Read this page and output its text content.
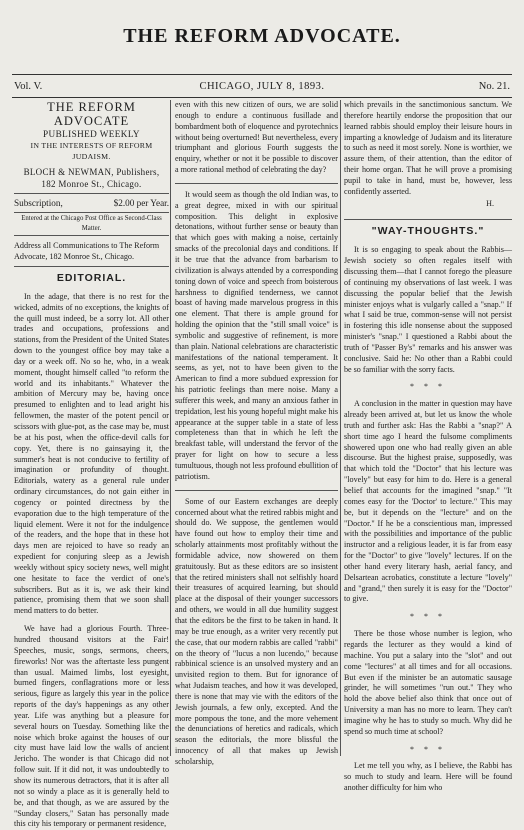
THE REFORM ADVOCATE.
Vol. V.	CHICAGO, JULY 8, 1893.	No. 21.
THE REFORM ADVOCATE
PUBLISHED WEEKLY
IN THE INTERESTS OF REFORM JUDAISM.
BLOCH & NEWMAN, Publishers,
182 Monroe St., Chicago.
Subscription,	$2.00 per Year.
Entered at the Chicago Post Office as Second-Class Matter.
Address all Communications to The Reform Advocate, 182 Monroe St., Chicago.
EDITORIAL.

In the adage, that there is no rest for the wicked, admits of no exceptions, the knights of the quill must indeed, be a sorry lot. All other trades and occupations, professions and stations, from the President of the United States down to the youngest office boy may take a day or a week off. No so he, who, in a weak moment, thought himself called "to reform the world and its inhabitants." Whatever the ambition of Mercury may be, having once presumed to enlighten and to lead aright his fellowmen, the master of the potent pencil or scissors with glue-pot, as the case may be, must be at his post, when the office-devil calls for copy. Yet, there is no gainsaying it, the summer's heat is not conducive to fertility of imagination or profundity of thought. Editorials, watery as a general rule under ordinary circumstances, do not gain either in cogency or pointed directness by the evaporation due to the high temperature of the liquid element. Were it not for the indulgence of the readers, and the hope that in these hot days men are rejoiced to have so ready an expedient for conjuring sleep as a Jewish weekly without spicy society news, well might one hesitate to face the verdict of one's subscribers. But as it is, we ask their kind patience, promising them that we soon shall mend matters to do better.

We have had a glorious Fourth. Three-hundred thousand visitors at the Fair! Speeches, music, songs, sermons, cheers, fireworks! Nor was the aftertaste less pungent than usual. Maimed limbs, lost eyesight, burned fingers, conflagrations more or less serious, figure as largely this year in the police reports of the day's happenings as any other year. Life was anything but a pleasure for several hours on Tuesday. Something like the noise which broke against the houses of our city must have laid low the walls of ancient Jericho. The wonder is that Chicago did not follow suit. If it did not, it was undoubtedly to show its numerous detractors, that it is after all not so windy a place as it is generally held to be, and that though, as we are assured by the "Sunday closers," Satan has personally made this city his temporary or permanent residence,

even with this new citizen of ours, we are solid enough to endure a continuous fusillade and bombardment both of eloquence and pyrotechnics without being overturned! But nevertheless, every triumphant and glorious Fourth suggests the enquiry, whether or not it be possible to discover a more rational method of celebrating the day?

It would seem as though the old Indian was, to a great degree, mixed in with our spiritual composition. This delight in explosive detonations, without further sense or beauty than that which goes with making a noise, certainly smacks of the precolonial days and conditions. If it be true that the advance from barbarism to civilization is always attended by a corresponding toning down of voice and speech from boisterous harshness to dignified tenderness, we cannot boast of having made marvelous progress in this one element. That there is ample ground for holding the opinion that the "still small voice" is symbolic and suggestive of refinement, is more than plain. National celebrations are characteristic manifestations of the national temperament. It seems, as yet, not to have been given to the American to find a more subdued expression for his patriotic feelings than mere noise. Many a sufferer this week, and many an anxious father in trepidation, lest his young hopeful might make his appearance at the supper table in a state of less completeness than that in which he left the breakfast table, will understand the fervor of the prayer for light on how to secure a less tumultuous, though not less profound ebullition of patriotism.

Some of our Eastern exchanges are deeply concerned about what the retired rabbis might and should do. We suppose, the gentlemen would have found out how to employ their time and scholarly attainments most profitably without the formidable advice, now showered on them gratuitously. But as these editors are so insistent that the retired ministers shall not selfishly hoard their treasures of acquired learning, but should place at the disposal of their younger successors and others, we would in all due humility suggest that the editors be the first to be taken in hand. It may be true enough, as a writer very recently put the case, that our modern rabbis are called "rabbi" on the theory of "lucus a non lucendo," because rabbinical science is an unsolved mystery and an unvisited region to them. But for ignorance of what Judaism teaches, and how it was developed, there is none that may vie with the editors of the Jewish journals, a few only, excepted. And the more pompous the tone, and the more vehement the denunciations of heretics and radicals, which season the editorials, the more blissful the innocency of all that makes up Jewish scholarship,

which prevails in the sanctimonious sanctum. We therefore heartily endorse the proposition that our learned rabbis should employ their leisure hours in imparting a knowledge of Judaism and its literature to such as need it most sorely. None is worthier, we assure them, of their attention, than the editor of their home organ. That he will prove a promising pupil to take in hand, must be, however, less confidently asserted.

H.
"WAY-THOUGHTS."

It is so engaging to speak about the Rabbis—Jewish society so often regales itself with discussing them—that I cannot forego the pleasure of continuing my observations of last week. I was discussing the popular belief that the Jewish minister enjoys what is vulgarly called a "snap." If what I said be true, common-sense will not persist in fostering this idle nonsense about the supposed minister's "snap." I questioned a Rabbi about the truth of "Passer By's" remarks and his answer was conclusive. Said he: No other than a Rabbi could be so familiar with the sorry facts.

* * *

A conclusion in the matter in question may have already been arrived at, but let us know the whole truth and further ask: Has the Rabbi a "snap?" A short time ago I heard the fulsome compliments showered upon one who had really given an able discourse. But the highest praise, supposedly, was that which told the "Doctor" that his lecture was "lovely" but easy for him to do. Here is a general belief that accounts for the imagined "snap." "It comes easy for the 'Doctor' to lecture." This may be, but it depends on the "lecture" and on the "Doctor." If he be a conscientious man, impressed with the possibilities and importance of the public instructor and a religious leader, it is far from easy for the "Doctor" to give "lovely" lectures. If on the other hand every literary hash, aerial fancy, and Delsartean acrobatics, constitute a lecture "lovely" and "grand," then surely it is easy for the "Doctor" to give.

* * *

There be those whose number is legion, who regards the lecturer as they would a kind of machine. You put a salary into the "slot" and out come "lectures" at all times and for all occasions. But even if the minister be an automatic sausage grinder, he will sometimes "run out." They who hold the above belief also think that once out of University a man has no more to learn. They can't imagine why he has to study so much. Why did he spend so much time at school?

* * *

Let me tell you why, as I believe, the Rabbi has so much to study and learn. Here will be found another difficulty for him who
